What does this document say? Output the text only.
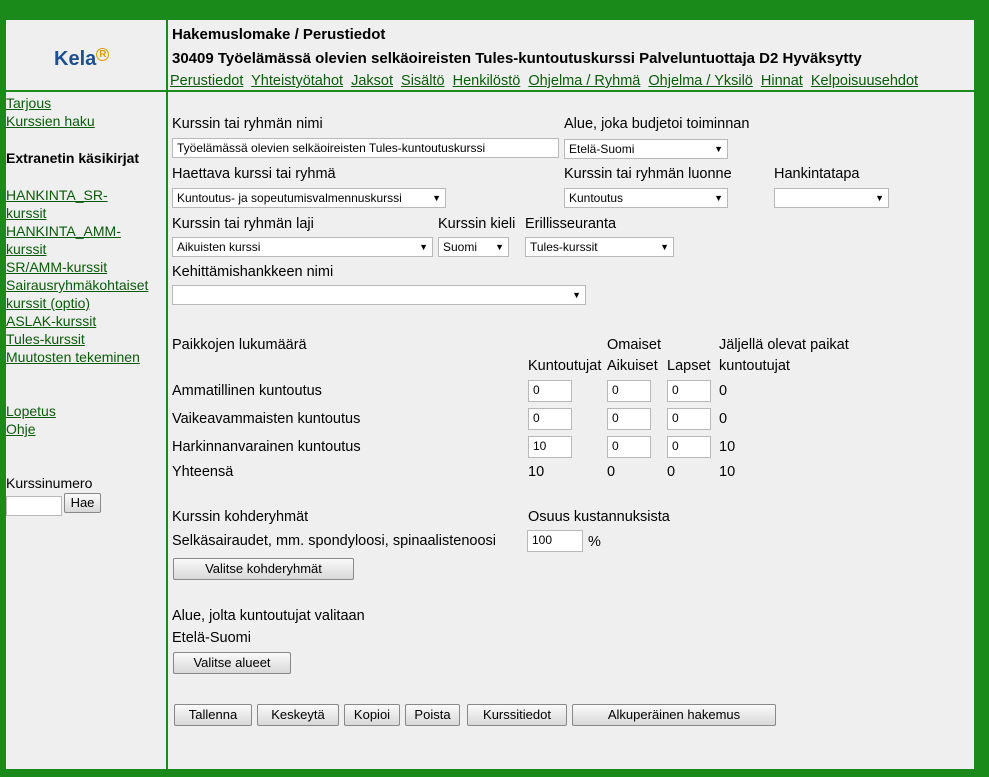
Kela $^R$
Hakemuslomake / Perustiedot
30409 Työelämässä olevien selkäoireisten Tules-kuntoutuskurssi Palveluntuottaja D2 Hyväksytty
Perustiedot Yhteistyötahot Jaksot Sisältö Henkilöstö Ohjelma / Ryhmä Ohjelma / Yksilö Hinnat Kelpoisuusehdot
Tarjous
Kurssien haku
Extranetin käsikirjat
HANKINTA_SR-kurssit
HANKINTA_AMM-kurssit
SR/AMM-kurssit
Sairausryhmäkohtaiset kurssit (optio)
ASLAK-kurssit
Tules-kurssit
Muutosten tekeminen
Lopetus
Ohje
Kurssinumero
Hae
Kurssin tai ryhmän nimi
Työelämässä olevien selkäoireisten Tules-kuntoutuskurssi
Alue, joka budjetoi toiminnan
Etelä-Suomi	▼
Haettava kurssi tai ryhmä
Kuntoutus- ja sopeutumisvalmennuskurssi	▼
Kurssin tai ryhmän luonne
Kuntoutus	▼
Hankintatapa
▼
Kurssin tai ryhmän laji
Aikuisten kurssi	▼
Kurssin kieli
Suomi ▼
Erillisseuranta
Tules-kurssit	▼
Kehittämishankkeen nimi
▼
Paikkojen lukumäärä	Omaiset	Jäljellä olevat paikat
Kuntoutujat Aikuiset Lapset kuntoutujat
Ammatillinen kuntoutus	0	0	0	0
Vaikeavammaisten kuntoutus	0	0	0	0
Harkinnanvarainen kuntoutus	10	0	0	10
Yhteensä	10	0	0	10
Kurssin kohderyhmät	Osuus kustannuksista
Selkäsairaudet, mm. spondyloosi, spinaalistenoosi	100	%
Valitse kohderyhmät
Alue, jolta kuntoutujat valitaan
Etelä-Suomi
Valitse alueet
Tallenna	Keskeytä	Kopioi	Poista	Kurssitiedot	Alkuperäinen hakemus
